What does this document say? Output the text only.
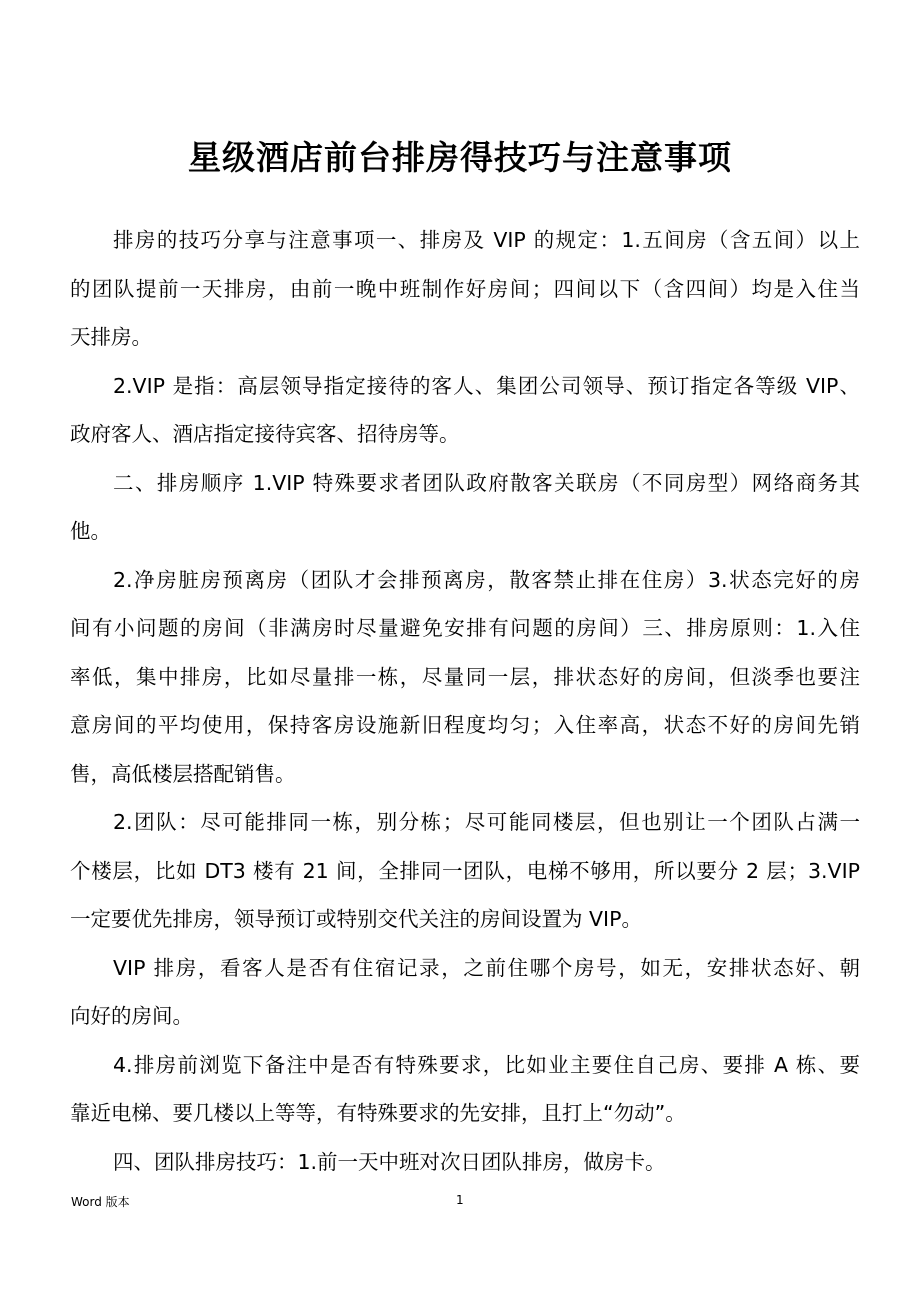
星级酒店前台排房得技巧与注意事项
排房的技巧分享与注意事项一、排房及 VIP 的规定：1.五间房（含五间）以上
的团队提前一天排房，由前一晚中班制作好房间；四间以下（含四间）均是入住当
天排房。
2.VIP 是指：高层领导指定接待的客人、集团公司领导、预订指定各等级 VIP、
政府客人、酒店指定接待宾客、招待房等。
二、排房顺序 1.VIP 特殊要求者团队政府散客关联房（不同房型）网络商务其
他。
2.净房脏房预离房（团队才会排预离房，散客禁止排在住房）3.状态完好的房
间有小问题的房间（非满房时尽量避免安排有问题的房间）三、排房原则：1.入住
率低，集中排房，比如尽量排一栋，尽量同一层，排状态好的房间，但淡季也要注
意房间的平均使用，保持客房设施新旧程度均匀；入住率高，状态不好的房间先销
售，高低楼层搭配销售。
2.团队：尽可能排同一栋，别分栋；尽可能同楼层，但也别让一个团队占满一
个楼层，比如 DT3 楼有 21 间，全排同一团队，电梯不够用，所以要分 2 层；3.VIP
一定要优先排房，领导预订或特别交代关注的房间设置为 VIP。
VIP 排房，看客人是否有住宿记录，之前住哪个房号，如无，安排状态好、朝
向好的房间。
4.排房前浏览下备注中是否有特殊要求，比如业主要住自己房、要排 A 栋、要
靠近电梯、要几楼以上等等，有特殊要求的先安排，且打上“勿动”。
四、团队排房技巧：1.前一天中班对次日团队排房，做房卡。
Word 版本	1
